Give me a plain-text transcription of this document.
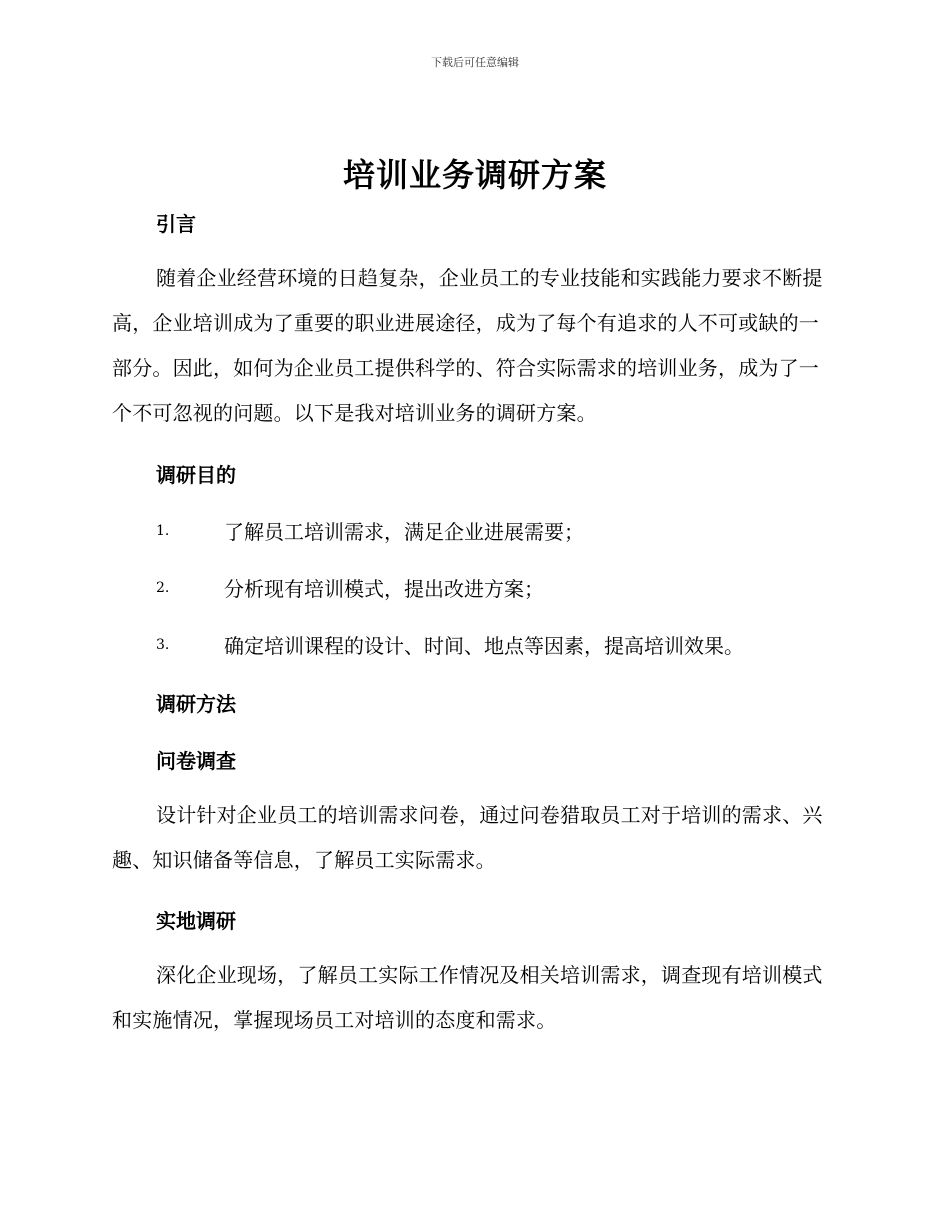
下载后可任意编辑
培训业务调研方案
引言
随着企业经营环境的日趋复杂，企业员工的专业技能和实践能力要求不断提高，企业培训成为了重要的职业进展途径，成为了每个有追求的人不可或缺的一部分。因此，如何为企业员工提供科学的、符合实际需求的培训业务，成为了一个不可忽视的问题。以下是我对培训业务的调研方案。
调研目的
1.	了解员工培训需求，满足企业进展需要；
2.	分析现有培训模式，提出改进方案；
3.	确定培训课程的设计、时间、地点等因素，提高培训效果。
调研方法
问卷调查
设计针对企业员工的培训需求问卷，通过问卷猎取员工对于培训的需求、兴趣、知识储备等信息，了解员工实际需求。
实地调研
深化企业现场，了解员工实际工作情况及相关培训需求，调查现有培训模式和实施情况，掌握现场员工对培训的态度和需求。
